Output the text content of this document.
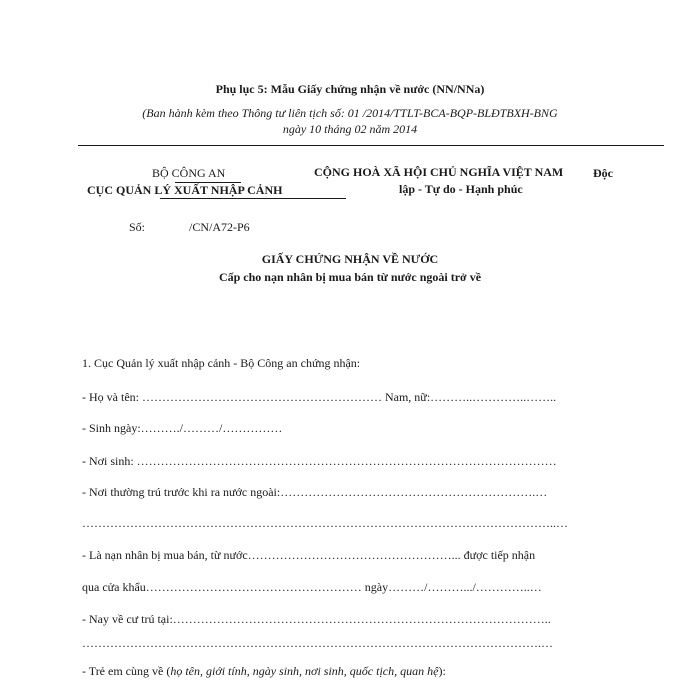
Phụ lục 5: Mẫu Giấy chứng nhận về nước (NN/NNa)
(Ban hành kèm theo Thông tư liên tịch số: 01 /2014/TTLT-BCA-BQP-BLĐTBXH-BNG
ngày 10 tháng 02 năm 2014
BỘ CÔNG AN
CỤC QUẢN LÝ XUẤT NHẬP CẢNH
CỘNG HOÀ XÃ HỘI CHỦ NGHĨA VIỆT NAM Độc
lập - Tự do - Hạnh phúc
Số:	/CN/A72-P6
GIẤY CHỨNG NHẬN VỀ NƯỚC
Cấp cho nạn nhân bị mua bán từ nước ngoài trở về
1. Cục Quản lý xuất nhập cảnh - Bộ Công an chứng nhận:
- Họ và tên: …………………………………………………… Nam, nữ:………..…………..……..
- Sinh ngày:………./………/……………
- Nơi sinh: ……………………………………………………………………………………………
- Nơi thường trú trước khi ra nước ngoài:……………………………………………………….…
………………………………………………………………………………………………………..…
- Là nạn nhân bị mua bán, từ nước……………………………………………... được tiếp nhận
qua cửa khẩu……………………………………………… ngày………/……….../…………..…
- Nay về cư trú tại:…………………………………………………………………………………..
…………………………………………………………………………………………………….…
- Trẻ em cùng về (họ tên, giới tính, ngày sinh, nơi sinh, quốc tịch, quan hệ):
